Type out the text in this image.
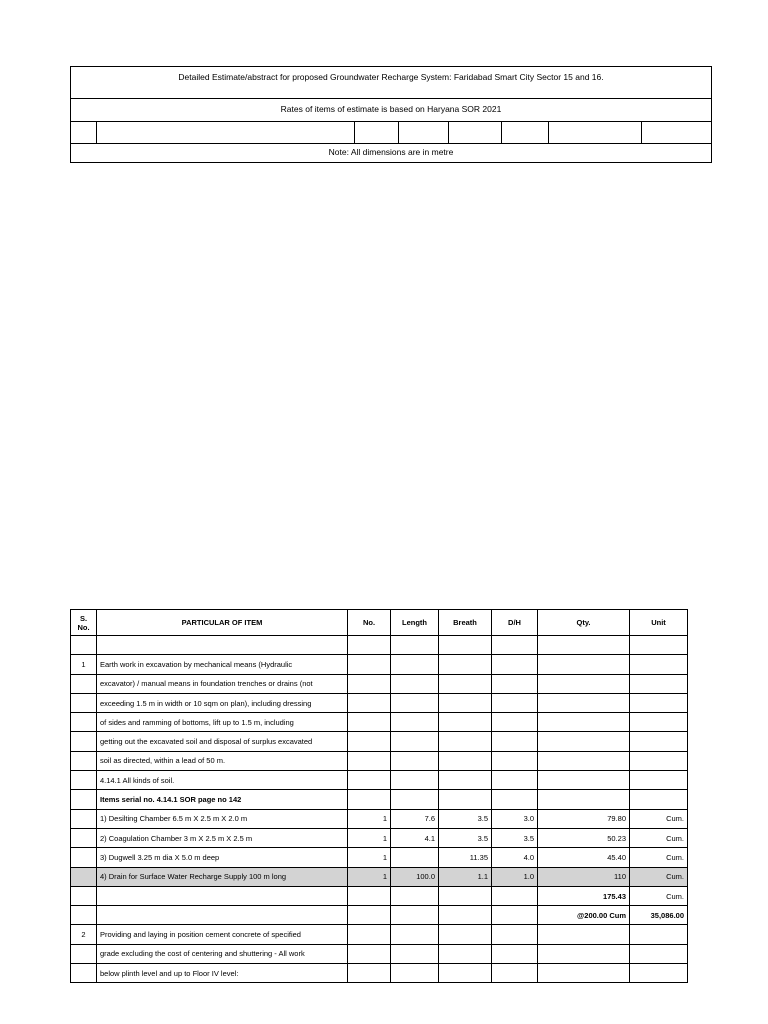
Detailed Estimate/abstract for proposed Groundwater Recharge System: Faridabad Smart City Sector 15 and 16.
Rates of items of estimate is based on Haryana SOR 2021
Note: All dimensions are in metre
S. No.	PARTICULAR OF ITEM	No.	Length	Breath	D/H	Qty.	Unit

1	Earth work in excavation by mechanical means (Hydraulic						
	excavator) / manual means in foundation trenches or drains (not						
	exceeding 1.5 m in width or 10 sqm on plan), including dressing						
	of sides and ramming of bottoms, lift up to 1.5 m, including						
	getting out the excavated soil and disposal of surplus excavated						
	soil as directed, within a lead of 50 m.						
	4.14.1 All kinds of soil.						
	Items serial no. 4.14.1 SOR page no 142						
	1) Desilting Chamber 6.5 m X 2.5 m X 2.0 m	1	7.6	3.5	3.0	79.80	Cum.
	2) Coagulation Chamber 3 m X 2.5 m X 2.5 m	1	4.1	3.5	3.5	50.23	Cum.
	3) Dugwell 3.25 m dia X 5.0 m deep	1		11.35	4.0	45.40	Cum.
	4) Drain for Surface Water Recharge Supply 100 m long	1	100.0	1.1	1.0	110	Cum.
						175.43	Cum.
						@200.00 Cum	35,086.00
2	Providing and laying in position cement concrete of specified						
	grade excluding the cost of centering and shuttering - All work						
	below plinth level and up to Floor IV level:						
